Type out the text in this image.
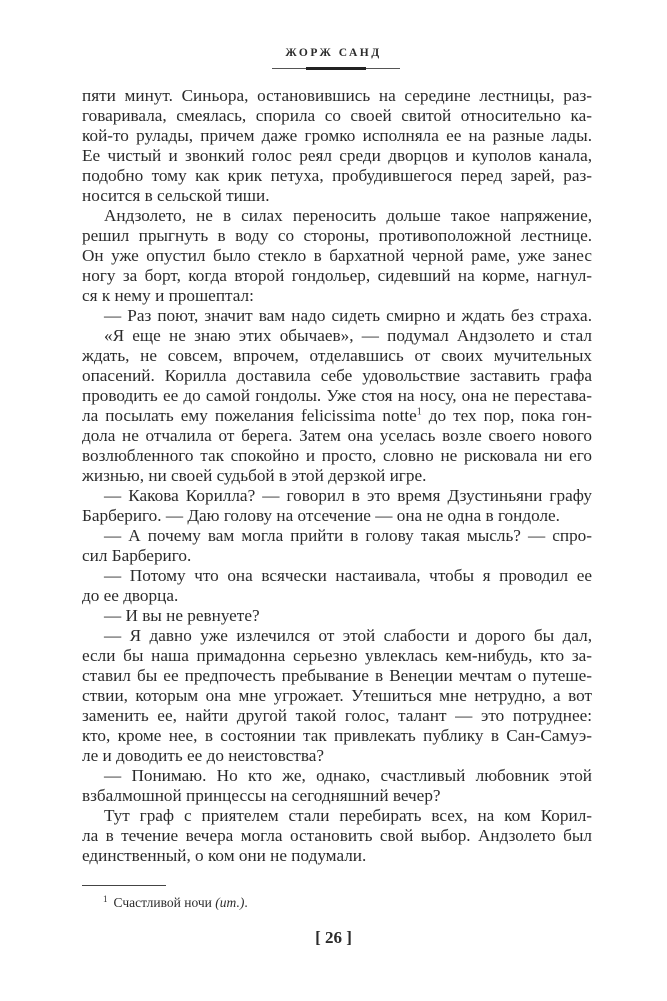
ЖОРЖ САНД
пяти минут. Синьора, остановившись на середине лестницы, раз-
говаривала, смеялась, спорила со своей свитой относительно ка-
кой-то рулады, причем даже громко исполняла ее на разные лады.
Ее чистый и звонкий голос реял среди дворцов и куполов канала,
подобно тому как крик петуха, пробудившегося перед зарей, раз-
носится в сельской тиши.
Андзолето, не в силах переносить дольше такое напряжение,
решил прыгнуть в воду со стороны, противоположной лестнице.
Он уже опустил было стекло в бархатной черной раме, уже занес
ногу за борт, когда второй гондольер, сидевший на корме, нагнул-
ся к нему и прошептал:
— Раз поют, значит вам надо сидеть смирно и ждать без страха.
«Я еще не знаю этих обычаев», — подумал Андзолето и стал
ждать, не совсем, впрочем, отделавшись от своих мучительных
опасений. Корилла доставила себе удовольствие заставить графа
проводить ее до самой гондолы. Уже стоя на носу, она не перестава-
ла посылать ему пожелания felicissima notte$^1$ до тех пор, пока гон-
дола не отчалила от берега. Затем она уселась возле своего нового
возлюбленного так спокойно и просто, словно не рисковала ни его
жизнью, ни своей судьбой в этой дерзкой игре.
— Какова Корилла? — говорил в это время Дзустиньяни графу
Барбериго. — Даю голову на отсечение — она не одна в гондоле.
— А почему вам могла прийти в голову такая мысль? — спро-
сил Барбериго.
— Потому что она всячески настаивала, чтобы я проводил ее
до ее дворца.
— И вы не ревнуете?
— Я давно уже излечился от этой слабости и дорого бы дал,
если бы наша примадонна серьезно увлеклась кем-нибудь, кто за-
ставил бы ее предпочесть пребывание в Венеции мечтам о путеше-
ствии, которым она мне угрожает. Утешиться мне нетрудно, а вот
заменить ее, найти другой такой голос, талант — это потруднее:
кто, кроме нее, в состоянии так привлекать публику в Сан-Самуэ-
ле и доводить ее до неистовства?
— Понимаю. Но кто же, однако, счастливый любовник этой
взбалмошной принцессы на сегодняшний вечер?
Тут граф с приятелем стали перебирать всех, на ком Корил-
ла в течение вечера могла остановить свой выбор. Андзолето был
единственный, о ком они не подумали.
$^1$ Счастливой ночи (ит.).
[ 26 ]
